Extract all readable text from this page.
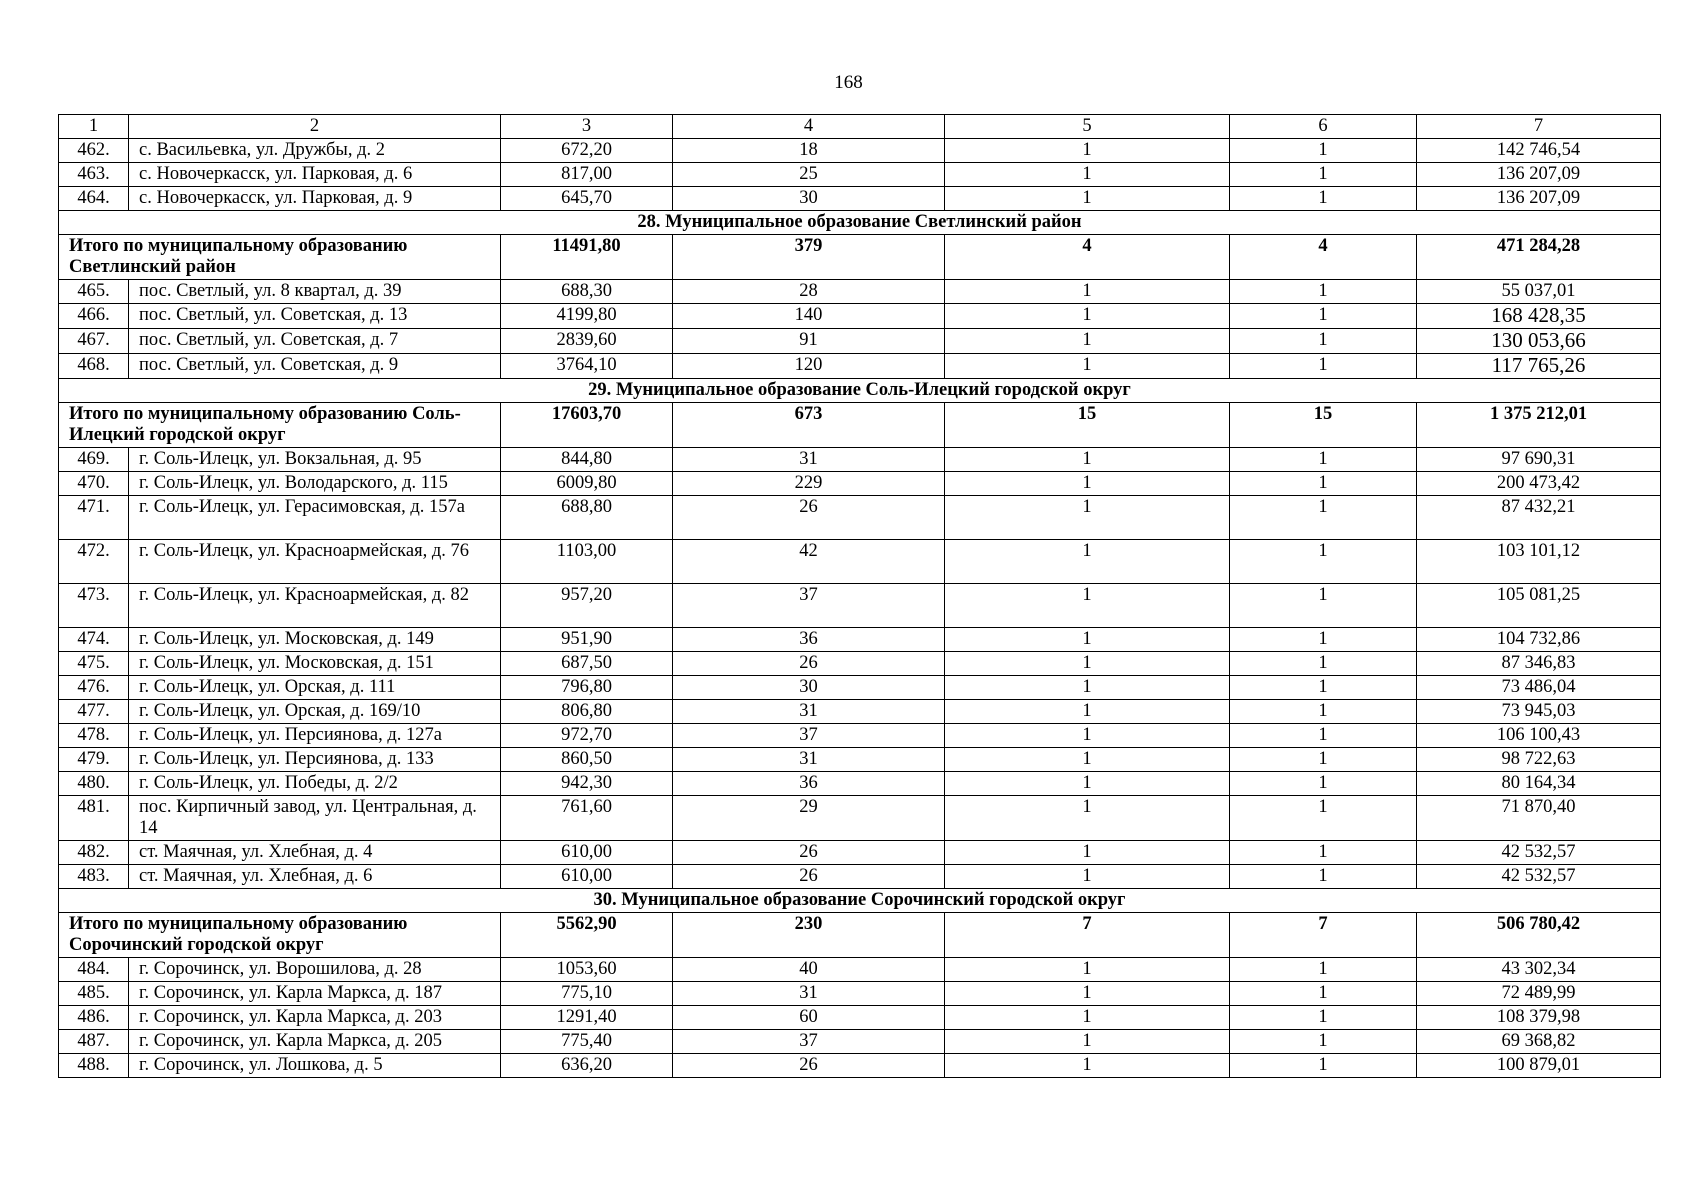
168
1	2	3	4	5	6	7
462.	с. Васильевка, ул. Дружбы, д. 2	672,20	18	1	1	142 746,54
463.	с. Новочеркасск, ул. Парковая, д. 6	817,00	25	1	1	136 207,09
464.	с. Новочеркасск, ул. Парковая, д. 9	645,70	30	1	1	136 207,09
28. Муниципальное образование Светлинский район						
Итого по муниципальному образованию Светлинский район		11491,80	379	4	4	471 284,28
465.	пос. Светлый, ул. 8 квартал, д. 39	688,30	28	1	1	55 037,01
466.	пос. Светлый, ул. Советская, д. 13	4199,80	140	1	1	168 428,35
467.	пос. Светлый, ул. Советская, д. 7	2839,60	91	1	1	130 053,66
468.	пос. Светлый, ул. Советская, д. 9	3764,10	120	1	1	117 765,26
29. Муниципальное образование Соль-Илецкий городской округ						
Итого по муниципальному образованию Соль-Илецкий городской округ		17603,70	673	15	15	1 375 212,01
469.	г. Соль-Илецк, ул. Вокзальная, д. 95	844,80	31	1	1	97 690,31
470.	г. Соль-Илецк, ул. Володарского, д. 115	6009,80	229	1	1	200 473,42
471.	г. Соль-Илецк, ул. Герасимовская, д. 157а	688,80	26	1	1	87 432,21
472.	г. Соль-Илецк, ул. Красноармейская, д. 76	1103,00	42	1	1	103 101,12
473.	г. Соль-Илецк, ул. Красноармейская, д. 82	957,20	37	1	1	105 081,25
474.	г. Соль-Илецк, ул. Московская, д. 149	951,90	36	1	1	104 732,86
475.	г. Соль-Илецк, ул. Московская, д. 151	687,50	26	1	1	87 346,83
476.	г. Соль-Илецк, ул. Орская, д. 111	796,80	30	1	1	73 486,04
477.	г. Соль-Илецк, ул. Орская, д. 169/10	806,80	31	1	1	73 945,03
478.	г. Соль-Илецк, ул. Персиянова, д. 127а	972,70	37	1	1	106 100,43
479.	г. Соль-Илецк, ул. Персиянова, д. 133	860,50	31	1	1	98 722,63
480.	г. Соль-Илецк, ул. Победы, д. 2/2	942,30	36	1	1	80 164,34
481.	пос. Кирпичный завод, ул. Центральная, д. 14	761,60	29	1	1	71 870,40
482.	ст. Маячная, ул. Хлебная, д. 4	610,00	26	1	1	42 532,57
483.	ст. Маячная, ул. Хлебная, д. 6	610,00	26	1	1	42 532,57
30. Муниципальное образование Сорочинский городской округ						
Итого по муниципальному образованию Сорочинский городской округ		5562,90	230	7	7	506 780,42
484.	г. Сорочинск, ул. Ворошилова, д. 28	1053,60	40	1	1	43 302,34
485.	г. Сорочинск, ул. Карла Маркса, д. 187	775,10	31	1	1	72 489,99
486.	г. Сорочинск, ул. Карла Маркса, д. 203	1291,40	60	1	1	108 379,98
487.	г. Сорочинск, ул. Карла Маркса, д. 205	775,40	37	1	1	69 368,82
488.	г. Сорочинск, ул. Лошкова, д. 5	636,20	26	1	1	100 879,01
